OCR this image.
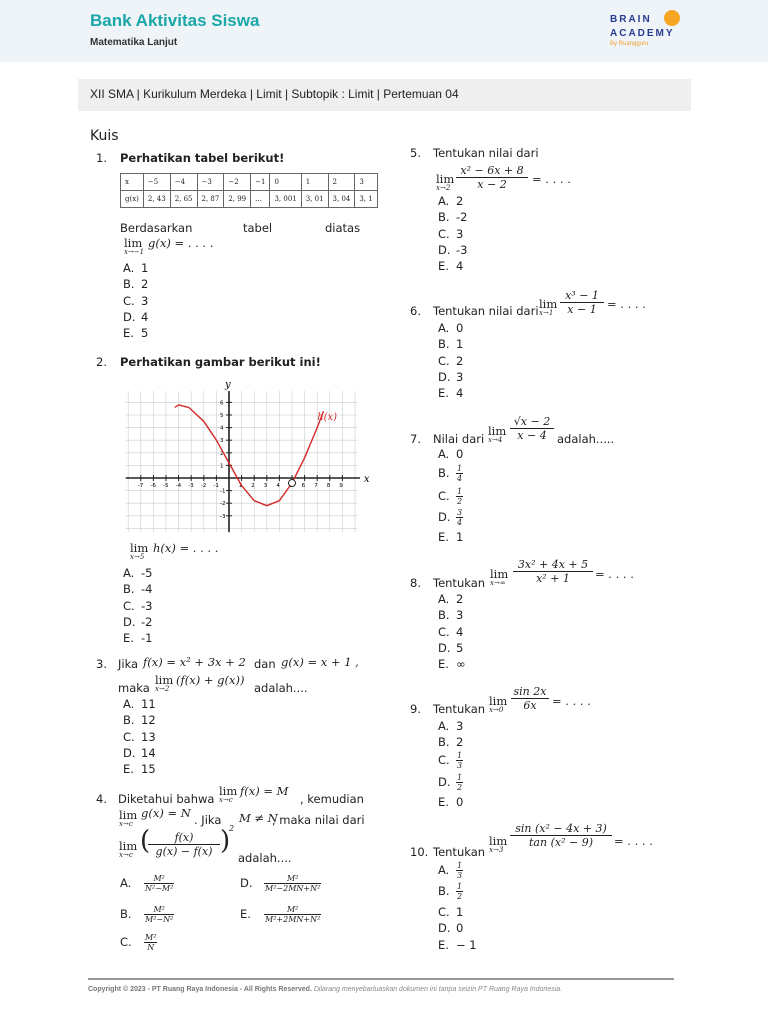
Bank Aktivitas Siswa
Matematika Lanjut
BRAIN
ACADEMY
By Ruangguru
XII SMA | Kurikulum Merdeka | Limit | Subtopik : Limit | Pertemuan 04
Kuis
1. Perhatikan tabel berikut!
x	−5	−4	−3	−2	−1	0	1	2	3
g(x)	2, 43	2, 65	2, 87	2, 99	...	3, 001	3, 01	3, 04	3, 1
Berdasarkan	tabel	diatas
lim
x→−1
g(x) = . . . .
A. 1
B. 2
C. 3
D. 4
E. 5
2. Perhatikan gambar berikut ini!
x
y
-7 -6 -5 -4 -3 -2 -1	1 2 3 4	6 7 8 9
6
5
4
3
2
1
-1
-2
-3
h(x)
lim
x→5
h(x) = . . . .
A. -5
B. -4
C. -3
D. -2
E. -1
3. Jika f(x) = x² + 3x + 2 dan g(x) = x + 1 ,
maka
lim
x→2
(f(x) + g(x))
adalah....
A. 11
B. 12
C. 13
D. 14
E. 15
4. Diketahui bahwa
lim
x→c
f(x) = M
, kemudian
lim
x→c
g(x) = N . Jika M ≠ N
, maka nilai dari
lim
x→c (
$\frac{f(x)}{g(x) - f(x)}$ )
2
adalah....
A. $\frac{\text{M²}}{\text{N²−M²}}$
B. $\frac{\text{M²}}{\text{M²−N²}}$
C. $\frac{\text{M²}}{N}$
D. $\frac{\text{M²}}{\text{M²−2MN+N²}}$
E. $\frac{\text{M²}}{\text{M²+2MN+N²}}$
5. Tentukan nilai dari
lim
$x\to 2 \frac{\text{x² − 6x + 8}}{x - 2}$ = . . . .
A. 2
B. -2
C. 3
D. -3
E. 4
6. Tentukan nilai dari lim
$x\to 1 \frac{\text{x³ − 1}}{x - 1}$ = . . . .
A. 0
B. 1
C. 2
D. 3
E. 4
7. Nilai dari
lim
$x\to 4 \frac{√x - 2}{x - 4}$ adalah.....
A. 0
B. $\frac{1}{4}$
C. $\frac{1}{2}$
D. $\frac{3}{4}$
E. 1
8. Tentukan
lim
$x\to\infty \frac{\text{3x² + 4x + 5}}{\text{x² + 1}}$ = . . . .
A. 2
B. 3
C. 4
D. 5
E. ∞
9. Tentukan
lim
$x\to 0 \frac{\sin 2x}{6x}$ = . . . .
A. 3
B. 2
C. $\frac{1}{3}$
D. $\frac{1}{2}$
E. 0
10. Tentukan
lim
x→3
$\frac{\text{sin (x² − 4x + 3)}}{\text{tan (x² − 9)}}$ = . . . .
A. $\frac{1}{3}$
B. $\frac{1}{2}$
C. 1
D. 0
E. − 1
Copyright © 2023 - PT Ruang Raya Indonesia - All Rights Reserved. Dilarang menyebarluaskan dokumen ini tanpa seizin PT Ruang Raya Indonesia.
